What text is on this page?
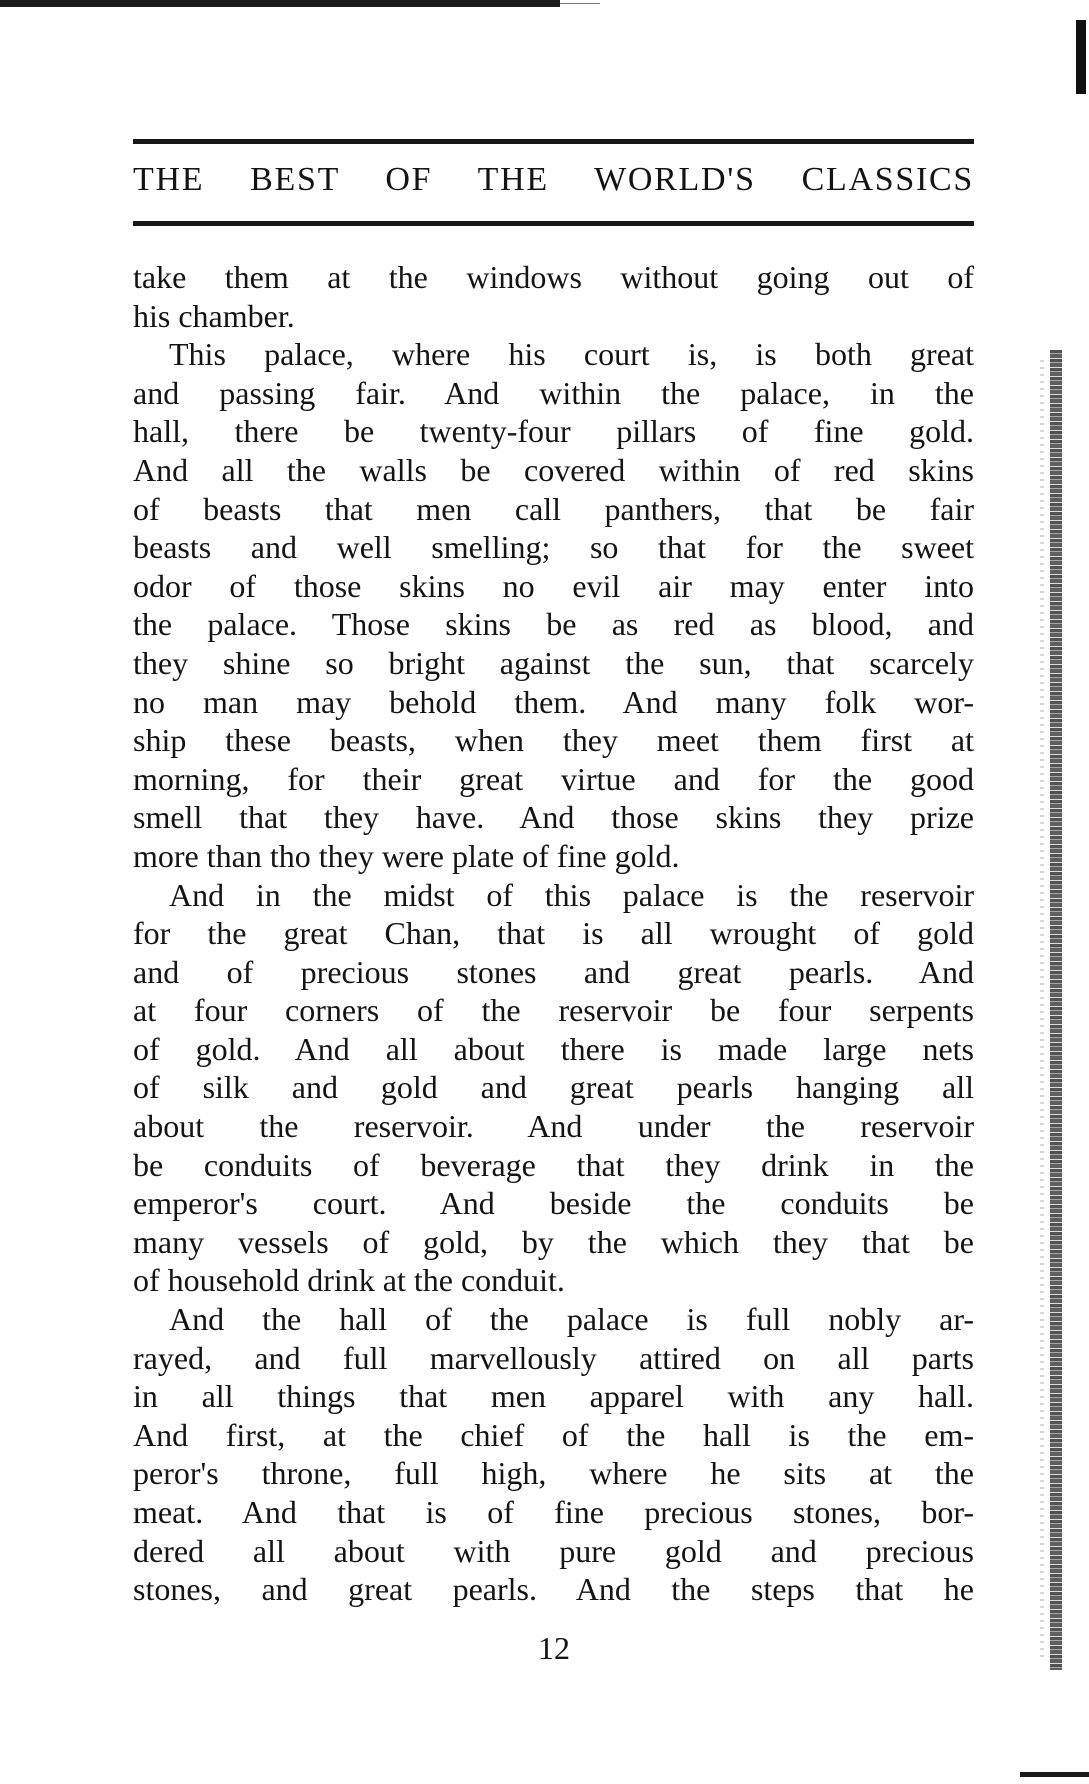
THE BEST OF THE WORLD'S CLASSICS
take them at the windows without going out of
his chamber.
This palace, where his court is, is both great
and passing fair. And within the palace, in the
hall, there be twenty-four pillars of fine gold.
And all the walls be covered within of red skins
of beasts that men call panthers, that be fair
beasts and well smelling; so that for the sweet
odor of those skins no evil air may enter into
the palace. Those skins be as red as blood, and
they shine so bright against the sun, that scarcely
no man may behold them. And many folk wor-
ship these beasts, when they meet them first at
morning, for their great virtue and for the good
smell that they have. And those skins they prize
more than tho they were plate of fine gold.
And in the midst of this palace is the reservoir
for the great Chan, that is all wrought of gold
and of precious stones and great pearls. And
at four corners of the reservoir be four serpents
of gold. And all about there is made large nets
of silk and gold and great pearls hanging all
about the reservoir. And under the reservoir
be conduits of beverage that they drink in the
emperor's court. And beside the conduits be
many vessels of gold, by the which they that be
of household drink at the conduit.
And the hall of the palace is full nobly ar-
rayed, and full marvellously attired on all parts
in all things that men apparel with any hall.
And first, at the chief of the hall is the em-
peror's throne, full high, where he sits at the
meat. And that is of fine precious stones, bor-
dered all about with pure gold and precious
stones, and great pearls. And the steps that he
12
